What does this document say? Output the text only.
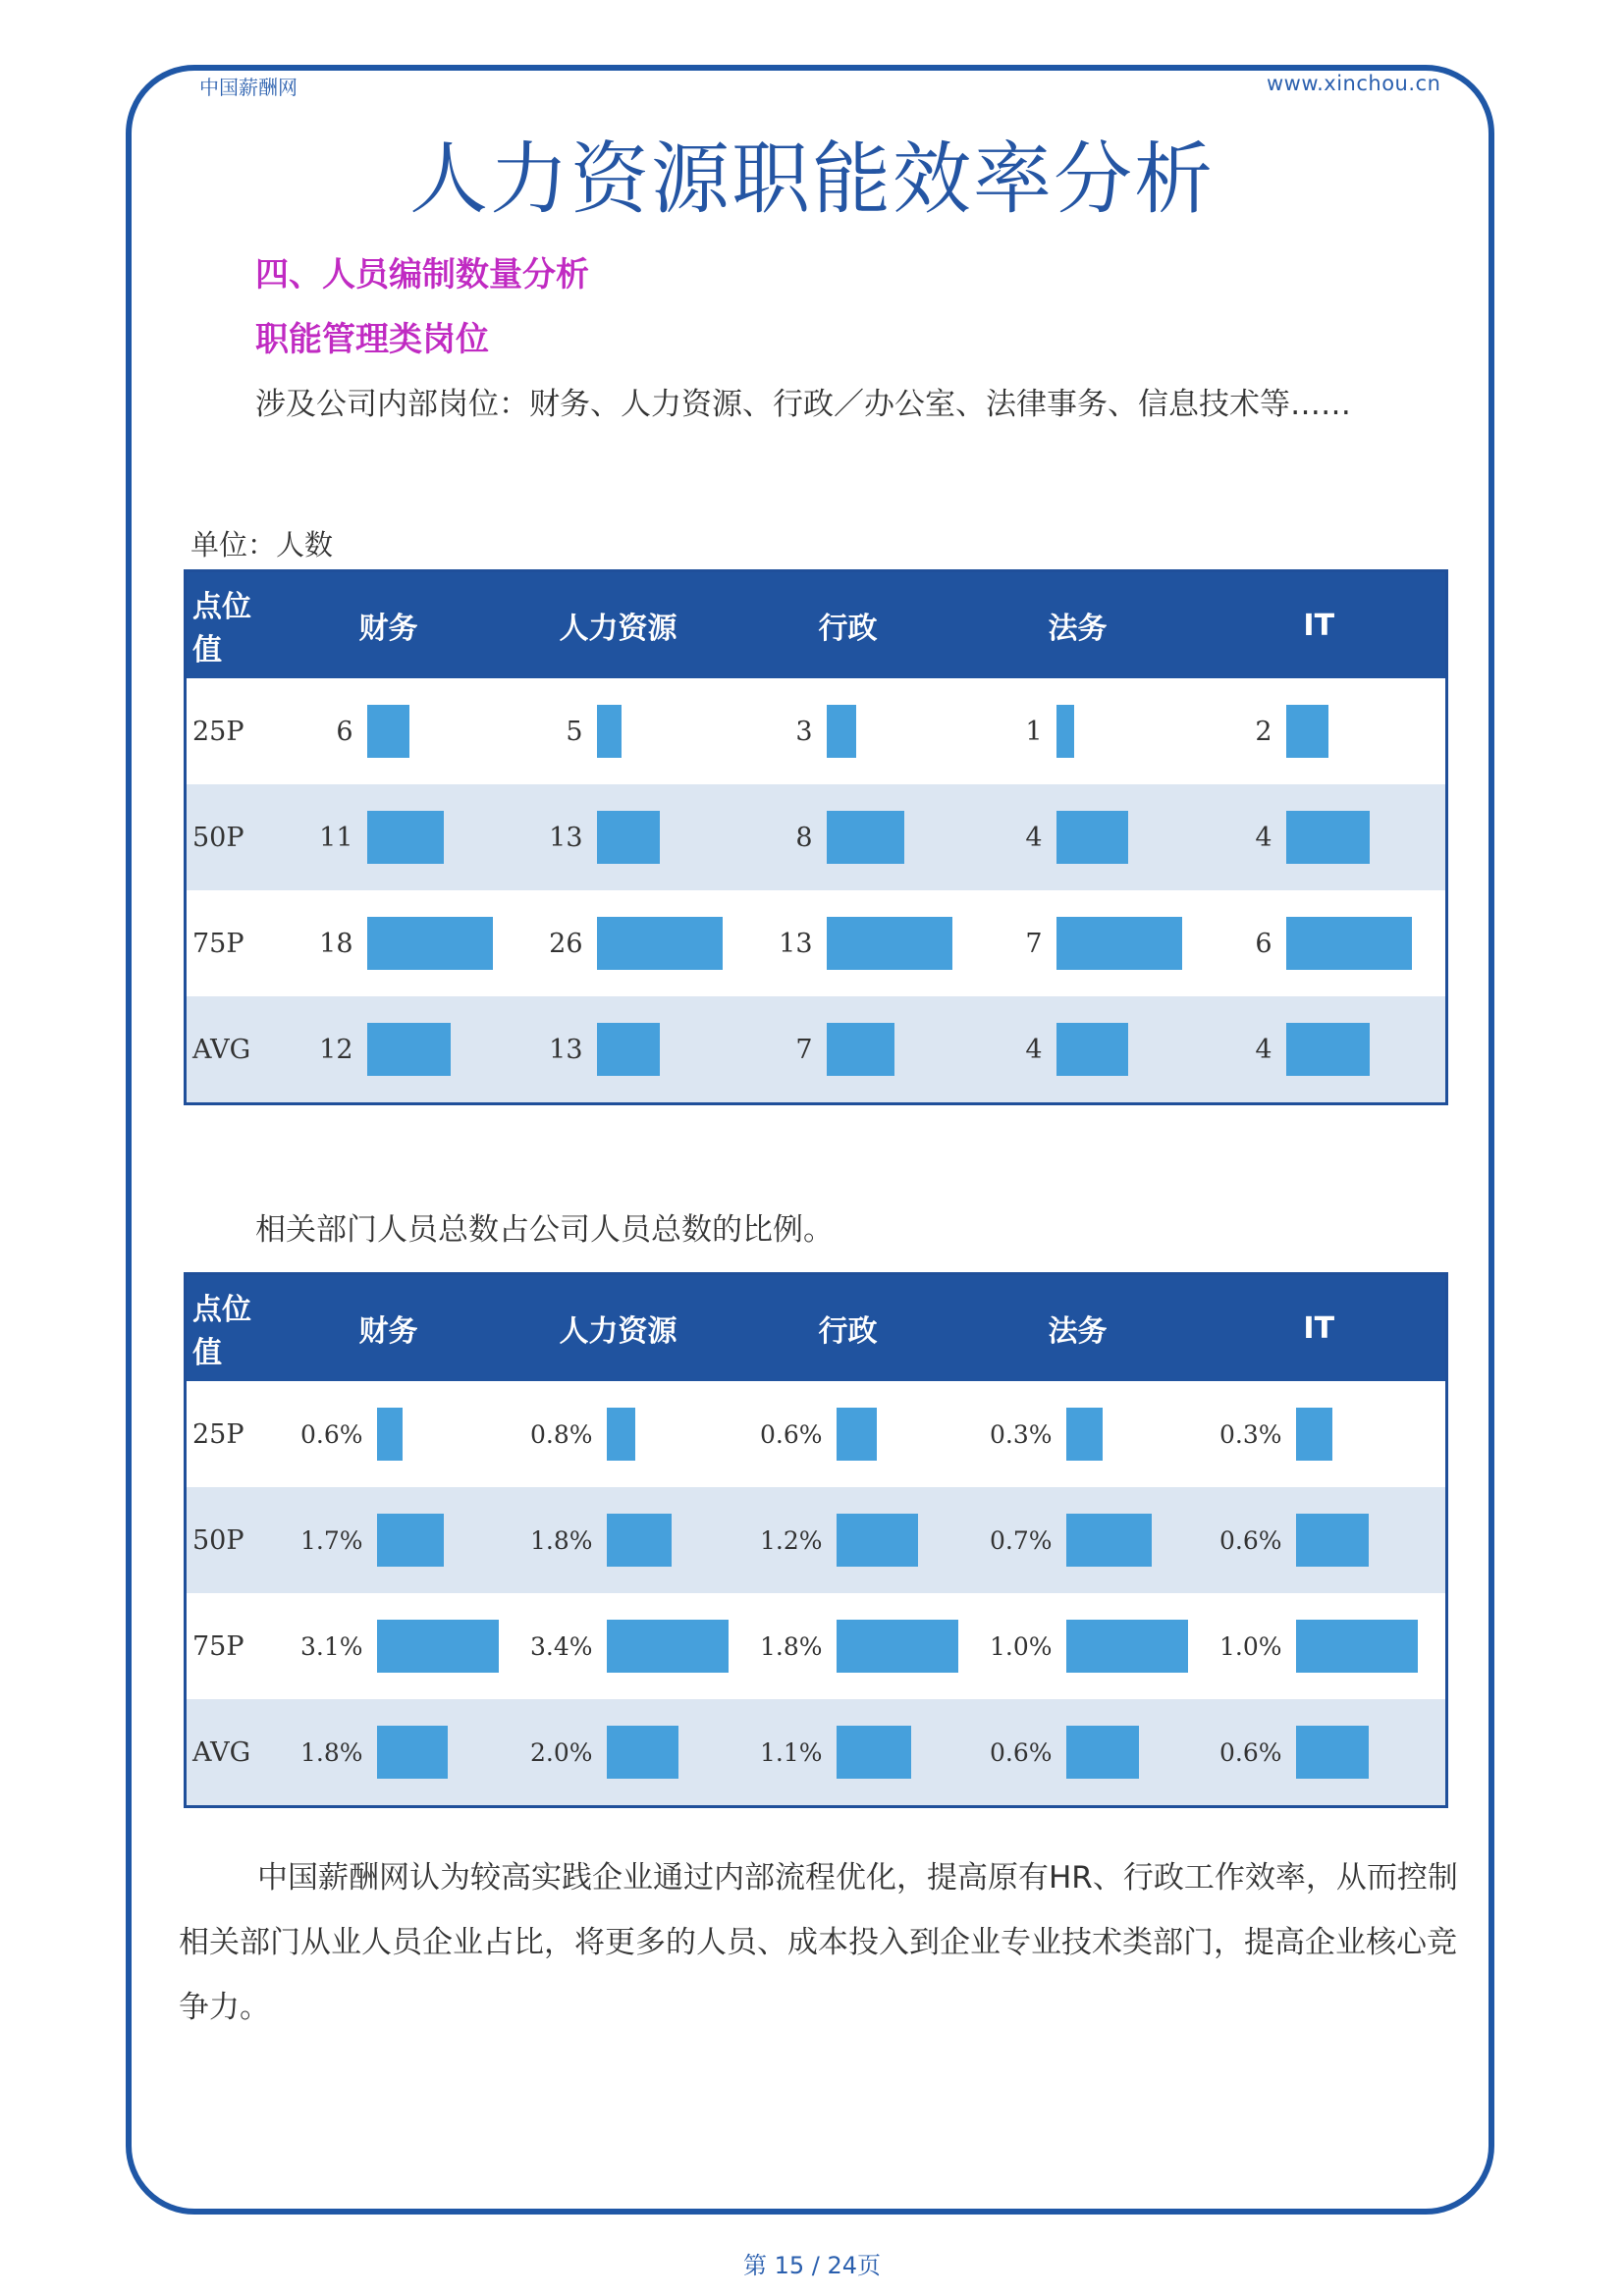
中国薪酬网	www.xinchou.cn
人力资源职能效率分析
四、人员编制数量分析
职能管理类岗位
涉及公司内部岗位：财务、人力资源、行政／办公室、法律事务、信息技术等……
单位：人数
点位值	财务	人力资源	行政	法务	IT
25P	6	5	3	1	2

50P	11	13	8	4	4

75P	18	26	13	7	6

AVG	12	13	7	4	4
相关部门人员总数占公司人员总数的比例。
点位值	财务	人力资源	行政	法务	IT
25P	0.6%	0.8%	0.6%	0.3%	0.3%

50P	1.7%	1.8%	1.2%	0.7%	0.6%

75P	3.1%	3.4%	1.8%	1.0%	1.0%

AVG	1.8%	2.0%	1.1%	0.6%	0.6%
中国薪酬网认为较高实践企业通过内部流程优化，提高原有HR、行政工作效率，从而控制相关部门从业人员企业占比，将更多的人员、成本投入到企业专业技术类部门，提高企业核心竞争力。
第 15 / 24页
